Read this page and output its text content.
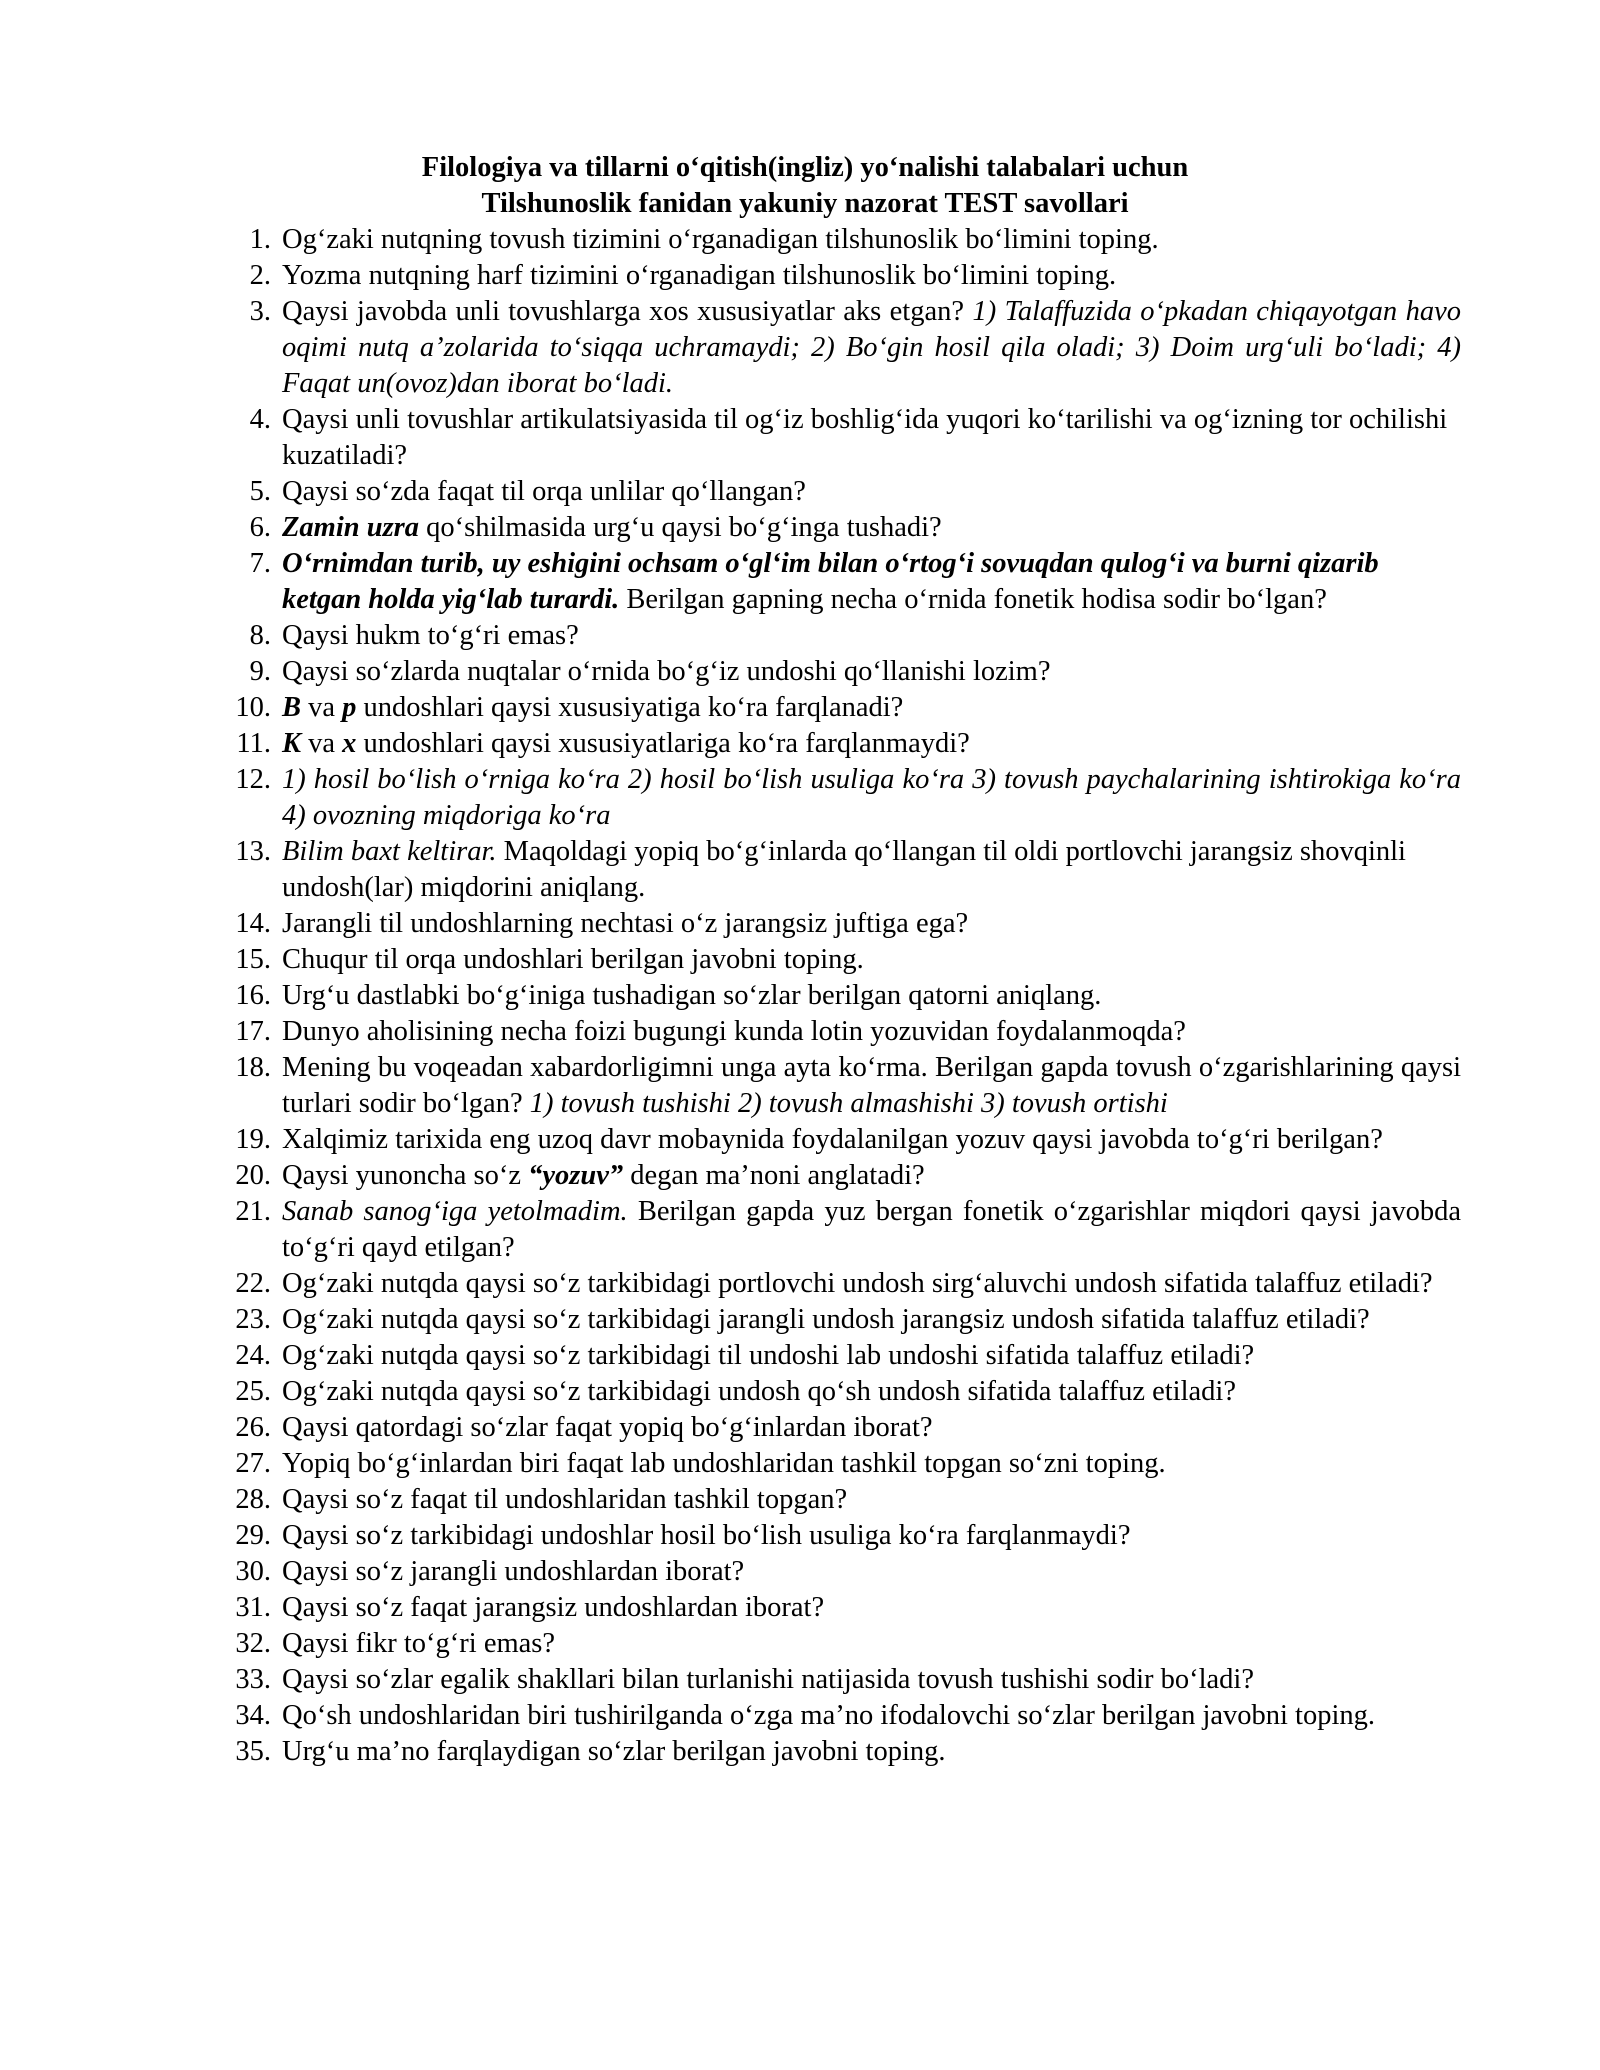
Filologiya va tillarni o‘qitish(ingliz) yo‘nalishi talabalari uchun
Tilshunoslik fanidan yakuniy nazorat TEST savollari
1. Og‘zaki nutqning tovush tizimini o‘rganadigan tilshunoslik bo‘limini toping.
2. Yozma nutqning harf tizimini o‘rganadigan tilshunoslik bo‘limini toping.
3. Qaysi javobda unli tovushlarga xos xususiyatlar aks etgan? 1) Talaffuzida o‘pkadan chiqayotgan havo oqimi nutq a’zolarida to‘siqqa uchramaydi; 2) Bo‘gin hosil qila oladi; 3) Doim urg‘uli bo‘ladi; 4) Faqat un(ovoz)dan iborat bo‘ladi.
4. Qaysi unli tovushlar artikulatsiyasida til og‘iz boshlig‘ida yuqori ko‘tarilishi va og‘izning tor ochilishi kuzatiladi?
5. Qaysi so‘zda faqat til orqa unlilar qo‘llangan?
6. Zamin uzra qo‘shilmasida urg‘u qaysi bo‘g‘inga tushadi?
7. O‘rnimdan turib, uy eshigini ochsam o‘gl‘im bilan o‘rtog‘i sovuqdan qulog‘i va burni qizarib ketgan holda yig‘lab turardi. Berilgan gapning necha o‘rnida fonetik hodisa sodir bo‘lgan?
8. Qaysi hukm to‘g‘ri emas?
9. Qaysi so‘zlarda nuqtalar o‘rnida bo‘g‘iz undoshi qo‘llanishi lozim?
10. B va p undoshlari qaysi xususiyatiga ko‘ra farqlanadi?
11. K va x undoshlari qaysi xususiyatlariga ko‘ra farqlanmaydi?
12. 1) hosil bo‘lish o‘rniga ko‘ra 2) hosil bo‘lish usuliga ko‘ra 3) tovush paychalarining ishtirokiga ko‘ra 4) ovozning miqdoriga ko‘ra
13. Bilim baxt keltirar. Maqoldagi yopiq bo‘g‘inlarda qo‘llangan til oldi portlovchi jarangsiz shovqinli undosh(lar) miqdorini aniqlang.
14. Jarangli til undoshlarning nechtasi o‘z jarangsiz juftiga ega?
15. Chuqur til orqa undoshlari berilgan javobni toping.
16. Urg‘u dastlabki bo‘g‘iniga tushadigan so‘zlar berilgan qatorni aniqlang.
17. Dunyo aholisining necha foizi bugungi kunda lotin yozuvidan foydalanmoqda?
18. Mening bu voqeadan xabardorligimni unga ayta ko‘rma. Berilgan gapda tovush o‘zgarishlarining qaysi turlari sodir bo‘lgan? 1) tovush tushishi 2) tovush almashishi 3) tovush ortishi
19. Xalqimiz tarixida eng uzoq davr mobaynida foydalanilgan yozuv qaysi javobda to‘g‘ri berilgan?
20. Qaysi yunoncha so‘z “yozuv” degan ma’noni anglatadi?
21. Sanab sanog‘iga yetolmadim. Berilgan gapda yuz bergan fonetik o‘zgarishlar miqdori qaysi javobda to‘g‘ri qayd etilgan?
22. Og‘zaki nutqda qaysi so‘z tarkibidagi portlovchi undosh sirg‘aluvchi undosh sifatida talaffuz etiladi?
23. Og‘zaki nutqda qaysi so‘z tarkibidagi jarangli undosh jarangsiz undosh sifatida talaffuz etiladi?
24. Og‘zaki nutqda qaysi so‘z tarkibidagi til undoshi lab undoshi sifatida talaffuz etiladi?
25. Og‘zaki nutqda qaysi so‘z tarkibidagi undosh qo‘sh undosh sifatida talaffuz etiladi?
26. Qaysi qatordagi so‘zlar faqat yopiq bo‘g‘inlardan iborat?
27. Yopiq bo‘g‘inlardan biri faqat lab undoshlaridan tashkil topgan so‘zni toping.
28. Qaysi so‘z faqat til undoshlaridan tashkil topgan?
29. Qaysi so‘z tarkibidagi undoshlar hosil bo‘lish usuliga ko‘ra farqlanmaydi?
30. Qaysi so‘z jarangli undoshlardan iborat?
31. Qaysi so‘z faqat jarangsiz undoshlardan iborat?
32. Qaysi fikr to‘g‘ri emas?
33. Qaysi so‘zlar egalik shakllari bilan turlanishi natijasida tovush tushishi sodir bo‘ladi?
34. Qo‘sh undoshlaridan biri tushirilganda o‘zga ma’no ifodalovchi so‘zlar berilgan javobni toping.
35. Urg‘u ma’no farqlaydigan so‘zlar berilgan javobni toping.
